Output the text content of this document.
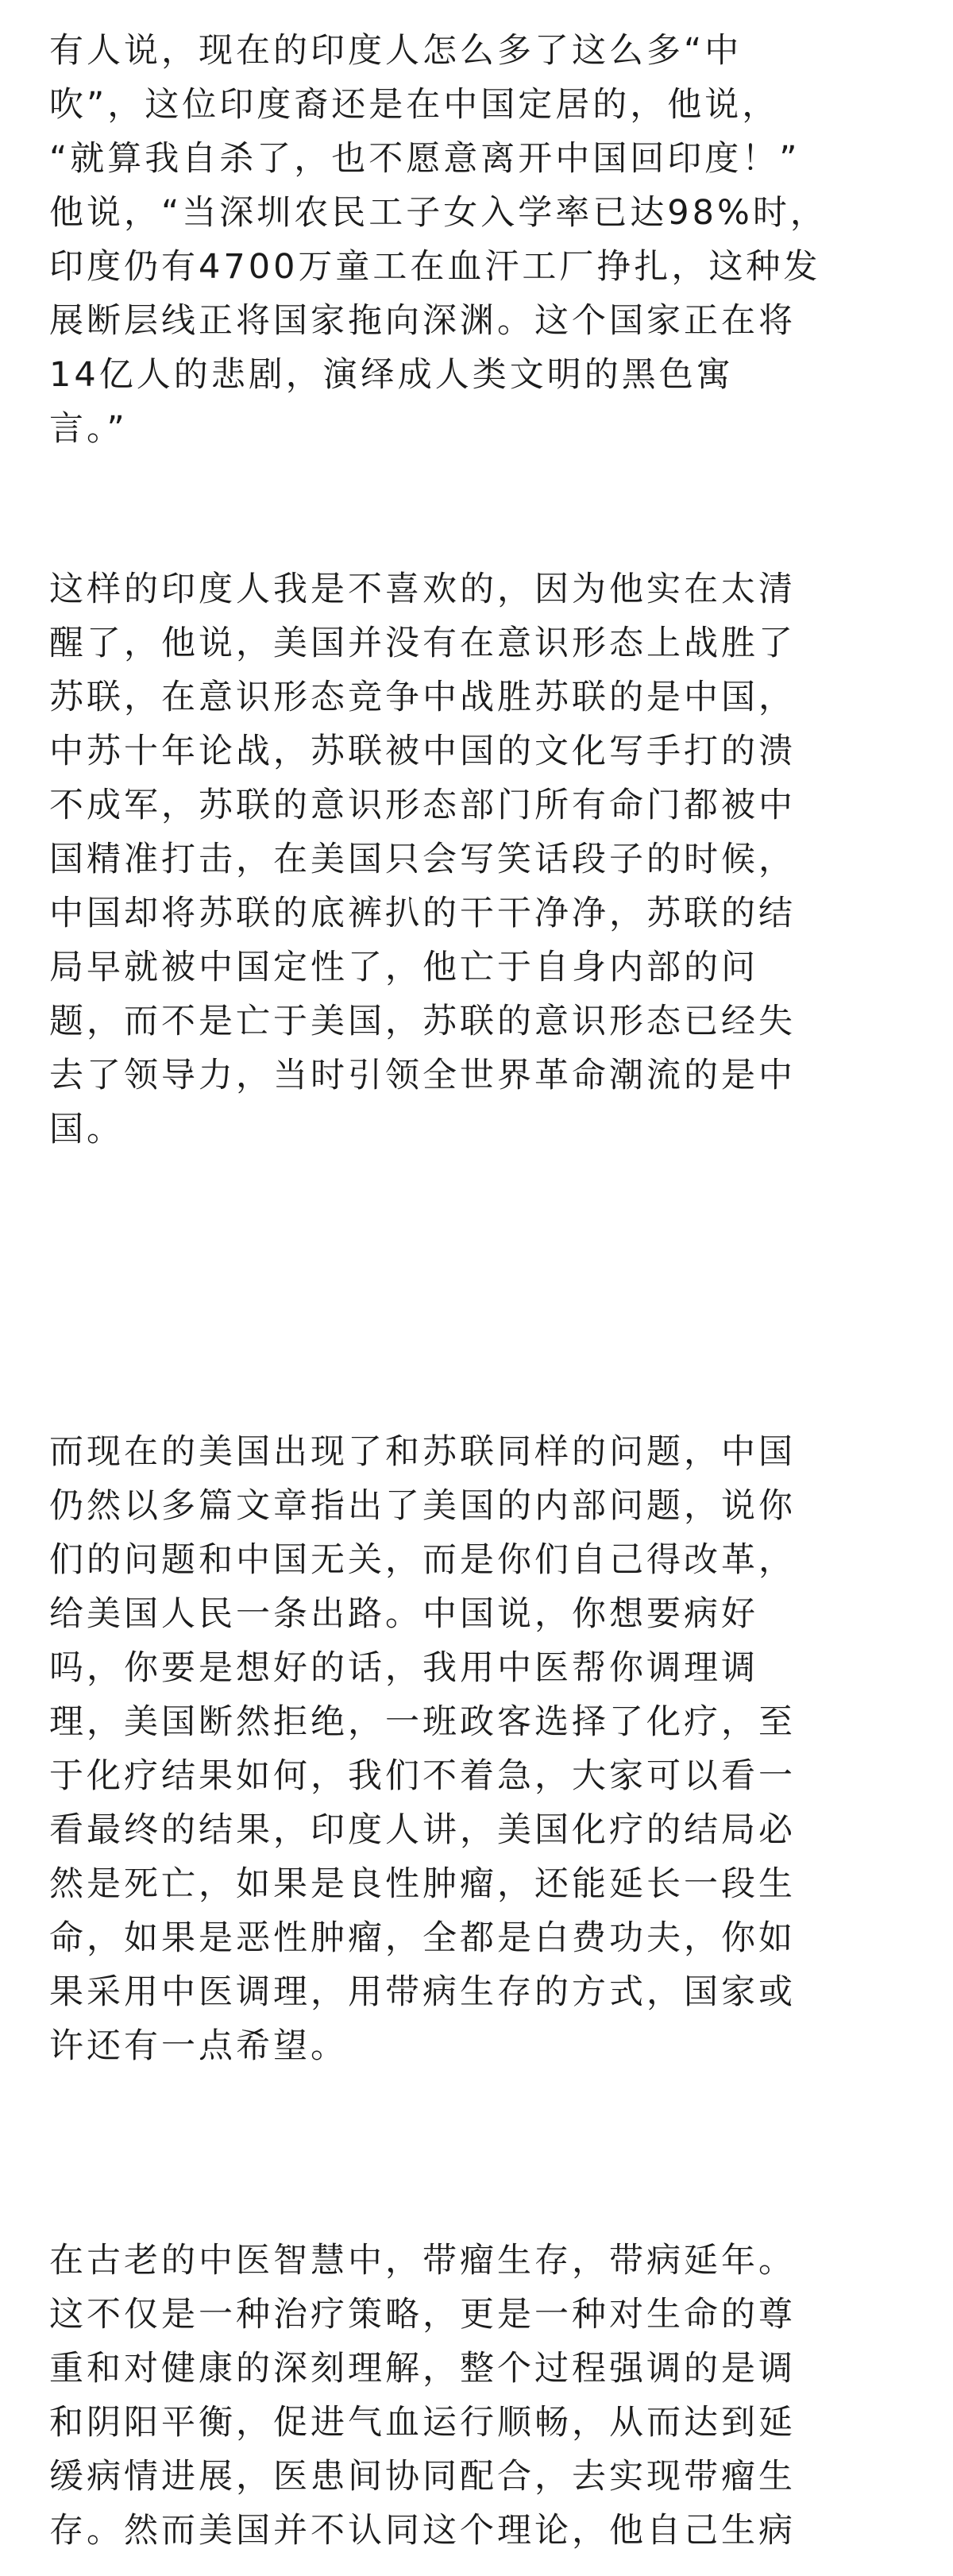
有人说，现在的印度人怎么多了这么多“中
吹”，这位印度裔还是在中国定居的，他说，
“就算我自杀了，也不愿意离开中国回印度！”
他说，“当深圳农民工子女入学率已达98%时，
印度仍有4700万童工在血汗工厂挣扎，这种发
展断层线正将国家拖向深渊。这个国家正在将
14亿人的悲剧，演绎成人类文明的黑色寓
言。”
这样的印度人我是不喜欢的，因为他实在太清
醒了，他说，美国并没有在意识形态上战胜了
苏联，在意识形态竞争中战胜苏联的是中国，
中苏十年论战，苏联被中国的文化写手打的溃
不成军，苏联的意识形态部门所有命门都被中
国精准打击，在美国只会写笑话段子的时候，
中国却将苏联的底裤扒的干干净净，苏联的结
局早就被中国定性了，他亡于自身内部的问
题，而不是亡于美国，苏联的意识形态已经失
去了领导力，当时引领全世界革命潮流的是中
国。
而现在的美国出现了和苏联同样的问题，中国
仍然以多篇文章指出了美国的内部问题，说你
们的问题和中国无关，而是你们自己得改革，
给美国人民一条出路。中国说，你想要病好
吗，你要是想好的话，我用中医帮你调理调
理，美国断然拒绝，一班政客选择了化疗，至
于化疗结果如何，我们不着急，大家可以看一
看最终的结果，印度人讲，美国化疗的结局必
然是死亡，如果是良性肿瘤，还能延长一段生
命，如果是恶性肿瘤，全都是白费功夫，你如
果采用中医调理，用带病生存的方式，国家或
许还有一点希望。
在古老的中医智慧中，带瘤生存，带病延年。
这不仅是一种治疗策略，更是一种对生命的尊
重和对健康的深刻理解，整个过程强调的是调
和阴阳平衡，促进气血运行顺畅，从而达到延
缓病情进展，医患间协同配合，去实现带瘤生
存。然而美国并不认同这个理论，他自己生病
